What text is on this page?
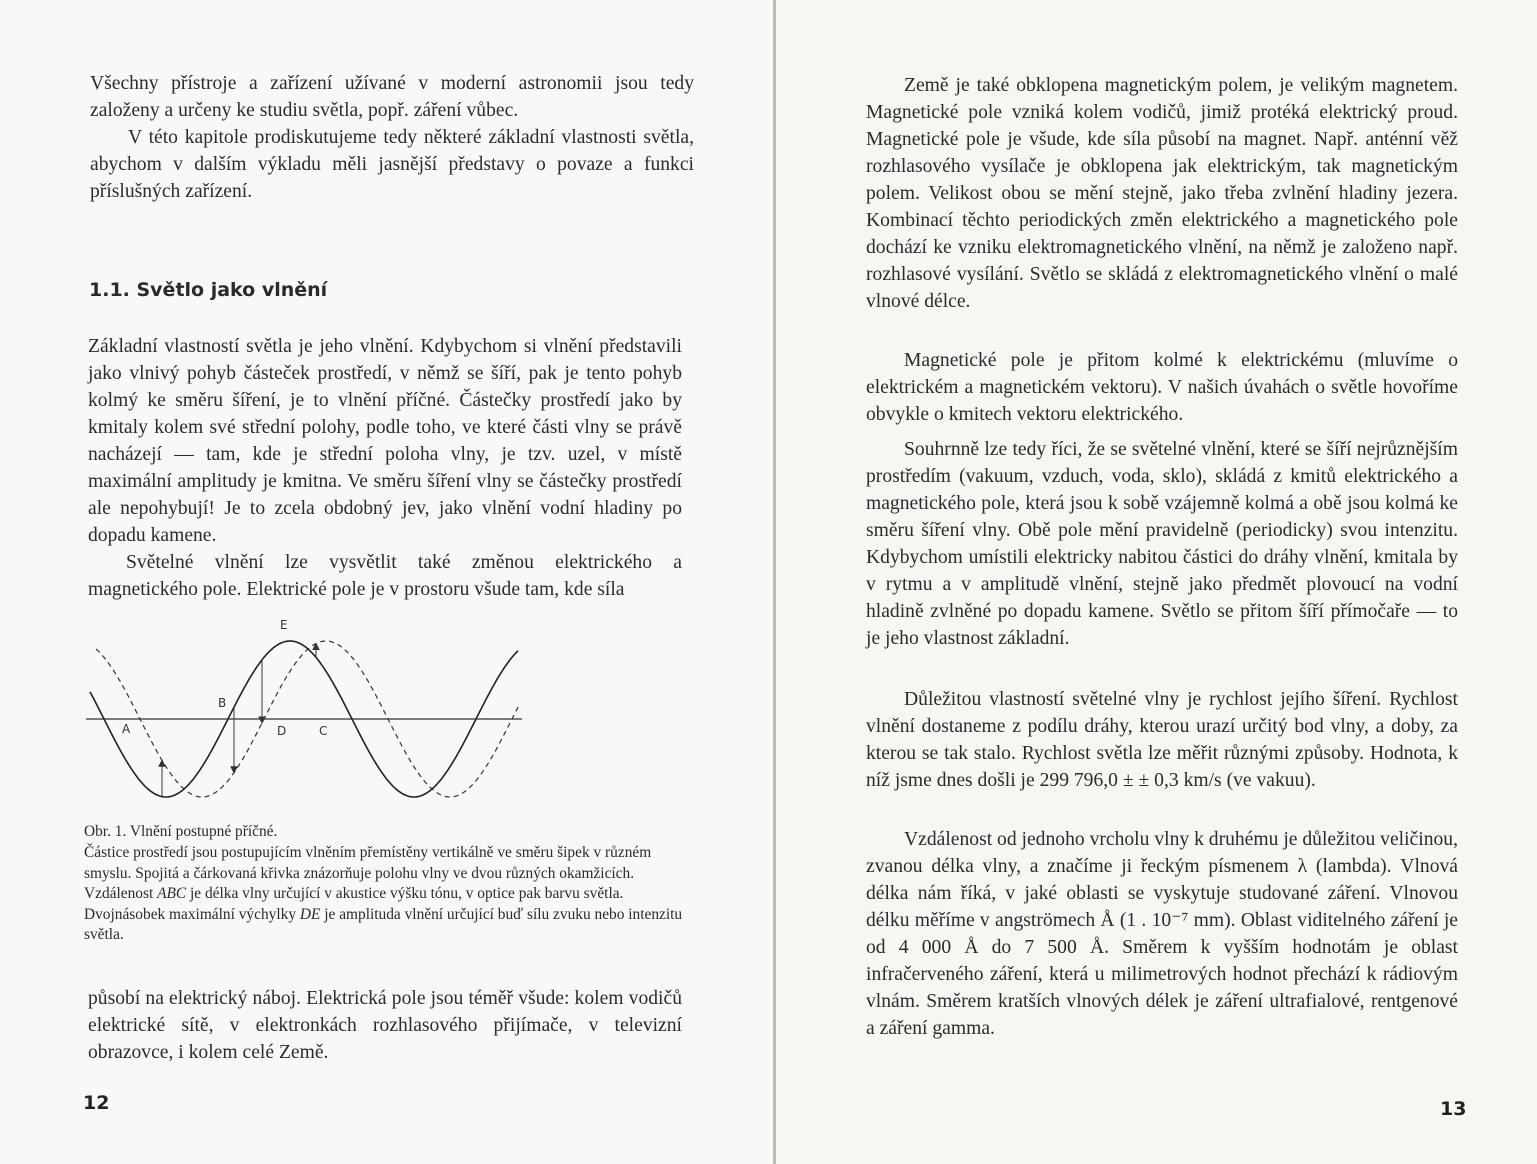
Všechny přístroje a zařízení užívané v moderní astronomii jsou tedy založeny a určeny ke studiu světla, popř. záření vůbec.
V této kapitole prodiskutujeme tedy některé základní vlastnosti světla, abychom v dalším výkladu měli jasnější představy o povaze a funkci příslušných zařízení.

1.1. Světlo jako vlnění

Základní vlastností světla je jeho vlnění. Kdybychom si vlnění představili jako vlnivý pohyb částeček prostředí, v němž se šíří, pak je tento pohyb kolmý ke směru šíření, je to vlnění příčné. Částečky prostředí jako by kmitaly kolem své střední polohy, podle toho, ve které části vlny se právě nacházejí — tam, kde je střední poloha vlny, je tzv. uzel, v místě maximální amplitudy je kmitna. Ve směru šíření vlny se částečky prostředí ale nepohybují! Je to zcela obdobný jev, jako vlnění vodní hladiny po dopadu kamene.
Světelné vlnění lze vysvětlit také změnou elektrického a magnetického pole. Elektrické pole je v prostoru všude tam, kde síla

A
B
C
D
E
Obr. 1. Vlnění postupné příčné.
Částice prostředí jsou postupujícím vlněním přemístěny vertikálně ve směru šipek v různém smyslu. Spojitá a čárkovaná křivka znázorňuje polohu vlny ve dvou různých okamžicích. Vzdálenost ABC je délka vlny určující v akustice výšku tónu, v optice pak barvu světla. Dvojnásobek maximální výchylky DE je amplituda vlnění určující buď sílu zvuku nebo intenzitu světla.

působí na elektrický náboj. Elektrická pole jsou téměř všude: kolem vodičů elektrické sítě, v elektronkách rozhlasového přijímače, v televizní obrazovce, i kolem celé Země.

12

Země je také obklopena magnetickým polem, je velikým magnetem. Magnetické pole vzniká kolem vodičů, jimiž protéká elektrický proud. Magnetické pole je všude, kde síla působí na magnet. Např. anténní věž rozhlasového vysílače je obklopena jak elektrickým, tak magnetickým polem. Velikost obou se mění stejně, jako třeba zvlnění hladiny jezera. Kombinací těchto periodických změn elektrického a magnetického pole dochází ke vzniku elektromagnetického vlnění, na němž je založeno např. rozhlasové vysílání. Světlo se skládá z elektromagnetického vlnění o malé vlnové délce.

Magnetické pole je přitom kolmé k elektrickému (mluvíme o elektrickém a magnetickém vektoru). V našich úvahách o světle hovoříme obvykle o kmitech vektoru elektrického.

Souhrnně lze tedy říci, že se světelné vlnění, které se šíří nejrůznějším prostředím (vakuum, vzduch, voda, sklo), skládá z kmitů elektrického a magnetického pole, která jsou k sobě vzájemně kolmá a obě jsou kolmá ke směru šíření vlny. Obě pole mění pravidelně (periodicky) svou intenzitu. Kdybychom umístili elektricky nabitou částici do dráhy vlnění, kmitala by v rytmu a v amplitudě vlnění, stejně jako předmět plovoucí na vodní hladině zvlněné po dopadu kamene. Světlo se přitom šíří přímočaře — to je jeho vlastnost základní.

Důležitou vlastností světelné vlny je rychlost jejího šíření. Rychlost vlnění dostaneme z podílu dráhy, kterou urazí určitý bod vlny, a doby, za kterou se tak stalo. Rychlost světla lze měřit různými způsoby. Hodnota, k níž jsme dnes došli je 299 796,0 ± ± 0,3 km/s (ve vakuu).

Vzdálenost od jednoho vrcholu vlny k druhému je důležitou veličinou, zvanou délka vlny, a značíme ji řeckým písmenem λ (lambda). Vlnová délka nám říká, v jaké oblasti se vyskytuje studované záření. Vlnovou délku měříme v angströmech Å (1 . 10⁻⁷ mm). Oblast viditelného záření je od 4 000 Å do 7 500 Å. Směrem k vyšším hodnotám je oblast infračerveného záření, která u milimetrových hodnot přechází k rádiovým vlnám. Směrem kratších vlnových délek je záření ultrafialové, rentgenové a záření gamma.

13
